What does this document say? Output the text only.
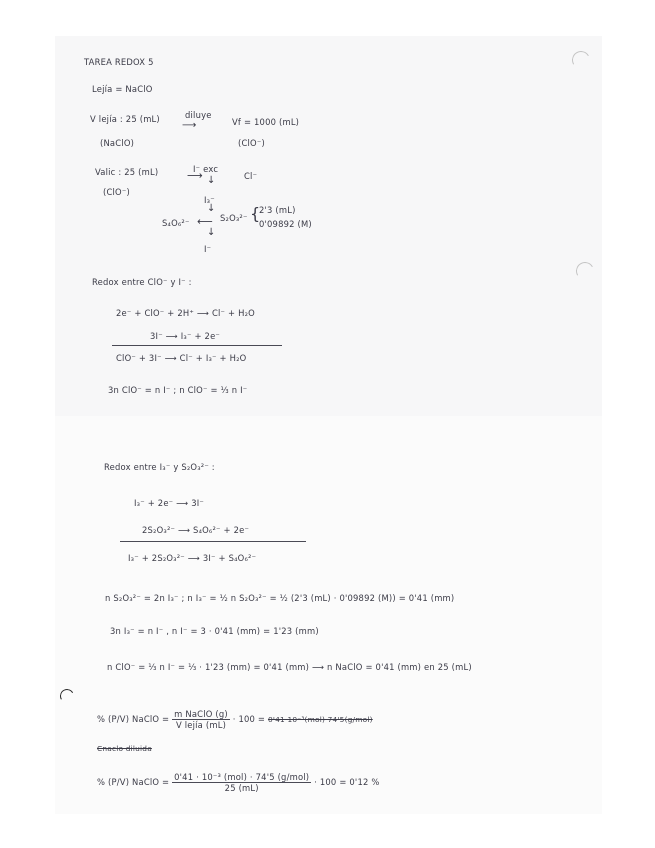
TAREA REDOX 5
Lejía = NaClO
V lejía : 25 (mL)	diluye
⟶	Vf = 1000 (mL)
(NaClO)	(ClO⁻)
Valic : 25 (mL)	I⁻ exc
⟶	Cl⁻
↓
(ClO⁻)
I₃⁻
↓
S₄O₆²⁻ ⟵ S₂O₃²⁻ {
2'3 (mL)
0'09892 (M)
↓
I⁻
Redox entre ClO⁻ y I⁻ :
2e⁻ + ClO⁻ + 2H⁺ ⟶ Cl⁻ + H₂O
3I⁻ ⟶ I₃⁻ + 2e⁻
ClO⁻ + 3I⁻ ⟶ Cl⁻ + I₃⁻ + H₂O
3n ClO⁻ = n I⁻ ; n ClO⁻ = ⅓ n I⁻
Redox entre I₃⁻ y S₂O₃²⁻ :
I₃⁻ + 2e⁻ ⟶ 3I⁻
2S₂O₃²⁻ ⟶ S₄O₆²⁻ + 2e⁻
I₃⁻ + 2S₂O₃²⁻ ⟶ 3I⁻ + S₄O₆²⁻
n S₂O₃²⁻ = 2n I₃⁻ ; n I₃⁻ = ½ n S₂O₃²⁻ = ½ (2'3 (mL) · 0'09892 (M)) = 0'41 (mm)
3n I₃⁻ = n I⁻ , n I⁻ = 3 · 0'41 (mm) = 1'23 (mm)
n ClO⁻ = ⅓ n I⁻ = ⅓ · 1'23 (mm) = 0'41 (mm) ⟶ n NaClO = 0'41 (mm) en 25 (mL)
% (P/V) NaClO = $\frac{\text{m NaClO (g)}}{\text{V lejía (mL)}} \cdot 100 = 0'41\cdot 10^{-3}(mol)\cdot 74'5(g/mol)$
Cnaclo diluida
% (P/V) NaClO = $\frac{\text{0'41 · 10⁻³ (mol) · 74'5 (g/mol)}}{25 (mL)} \cdot 100 = 0'12$ %
